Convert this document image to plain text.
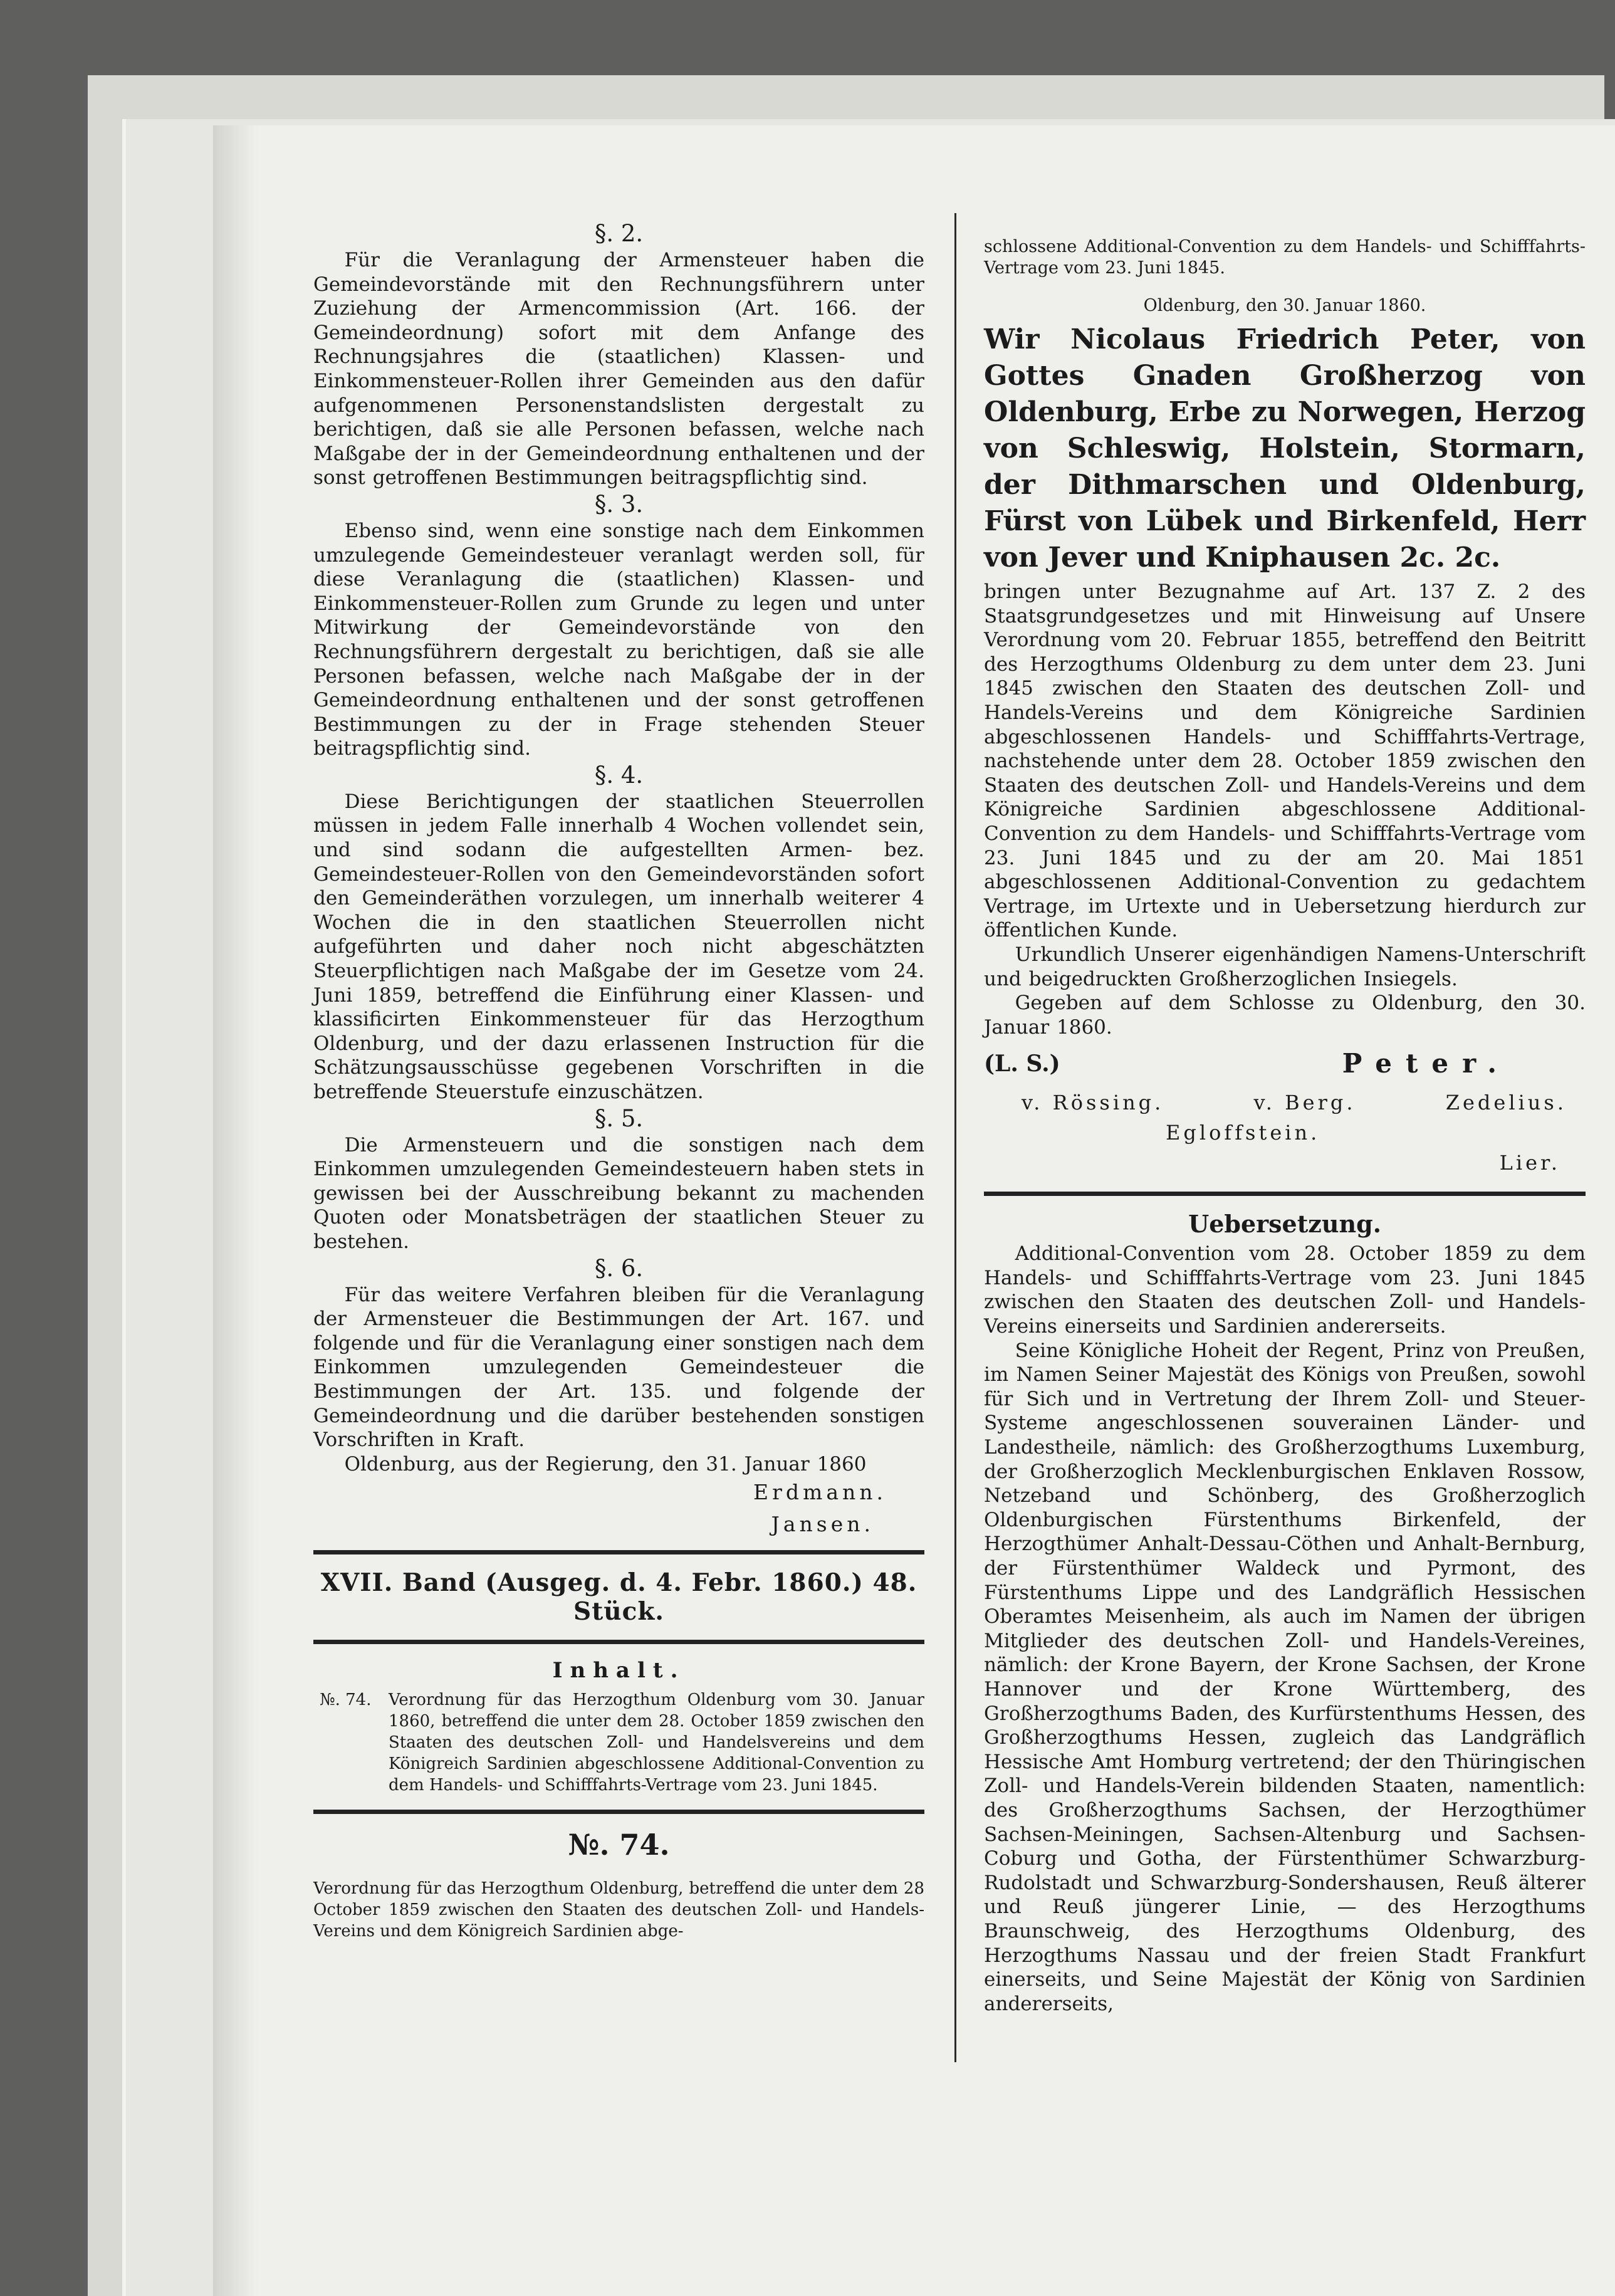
§. 2.

Für die Veranlagung der Armensteuer haben die Gemeindevorstände mit den Rechnungsführern unter Zuziehung der Armencommission (Art. 166. der Gemeindeordnung) sofort mit dem Anfange des Rechnungsjahres die (staatlichen) Klassen- und Einkommensteuer-Rollen ihrer Gemeinden aus den dafür aufgenommenen Personenstandslisten dergestalt zu berichtigen, daß sie alle Personen befassen, welche nach Maßgabe der in der Gemeindeordnung enthaltenen und der sonst getroffenen Bestimmungen beitragspflichtig sind.

§. 3.

Ebenso sind, wenn eine sonstige nach dem Einkommen umzulegende Gemeindesteuer veranlagt werden soll, für diese Veranlagung die (staatlichen) Klassen- und Einkommensteuer-Rollen zum Grunde zu legen und unter Mitwirkung der Gemeindevorstände von den Rechnungsführern dergestalt zu berichtigen, daß sie alle Personen befassen, welche nach Maßgabe der in der Gemeindeordnung enthaltenen und der sonst getroffenen Bestimmungen zu der in Frage stehenden Steuer beitragspflichtig sind.

§. 4.

Diese Berichtigungen der staatlichen Steuerrollen müssen in jedem Falle innerhalb 4 Wochen vollendet sein, und sind sodann die aufgestellten Armen- bez. Gemeindesteuer-Rollen von den Gemeindevorständen sofort den Gemeinderäthen vorzulegen, um innerhalb weiterer 4 Wochen die in den staatlichen Steuerrollen nicht aufgeführten und daher noch nicht abgeschätzten Steuerpflichtigen nach Maßgabe der im Gesetze vom 24. Juni 1859, betreffend die Einführung einer Klassen- und klassificirten Einkommensteuer für das Herzogthum Oldenburg, und der dazu erlassenen Instruction für die Schätzungsausschüsse gegebenen Vorschriften in die betreffende Steuerstufe einzuschätzen.

§. 5.

Die Armensteuern und die sonstigen nach dem Einkommen umzulegenden Gemeindesteuern haben stets in gewissen bei der Ausschreibung bekannt zu machenden Quoten oder Monatsbeträgen der staatlichen Steuer zu bestehen.

§. 6.

Für das weitere Verfahren bleiben für die Veranlagung der Armensteuer die Bestimmungen der Art. 167. und folgende und für die Veranlagung einer sonstigen nach dem Einkommen umzulegenden Gemeindesteuer die Bestimmungen der Art. 135. und folgende der Gemeindeordnung und die darüber bestehenden sonstigen Vorschriften in Kraft.

Oldenburg, aus der Regierung, den 31. Januar 1860

Erdmann.

Jansen.

XVII. Band (Ausgeg. d. 4. Febr. 1860.) 48. Stück.

Inhalt.

№. 74.	Verordnung für das Herzogthum Oldenburg vom 30. Januar 1860, betreffend die unter dem 28. October 1859 zwischen den Staaten des deutschen Zoll- und Handelsvereins und dem Königreich Sardinien abgeschlossene Additional-Convention zu dem Handels- und Schifffahrts-Vertrage vom 23. Juni 1845.

№. 74.

Verordnung für das Herzogthum Oldenburg, betreffend die unter dem 28 October 1859 zwischen den Staaten des deutschen Zoll- und Handels-Vereins und dem Königreich Sardinien abge-

schlossene Additional-Convention zu dem Handels- und Schifffahrts-Vertrage vom 23. Juni 1845.

Oldenburg, den 30. Januar 1860.

Wir Nicolaus Friedrich Peter, von Gottes Gnaden Großherzog von Oldenburg, Erbe zu Norwegen, Herzog von Schleswig, Holstein, Stormarn, der Dithmarschen und Oldenburg, Fürst von Lübek und Birkenfeld, Herr von Jever und Kniphausen 2c. 2c.

bringen unter Bezugnahme auf Art. 137 Z. 2 des Staatsgrundgesetzes und mit Hinweisung auf Unsere Verordnung vom 20. Februar 1855, betreffend den Beitritt des Herzogthums Oldenburg zu dem unter dem 23. Juni 1845 zwischen den Staaten des deutschen Zoll- und Handels-Vereins und dem Königreiche Sardinien abgeschlossenen Handels- und Schifffahrts-Vertrage, nachstehende unter dem 28. October 1859 zwischen den Staaten des deutschen Zoll- und Handels-Vereins und dem Königreiche Sardinien abgeschlossene Additional-Convention zu dem Handels- und Schifffahrts-Vertrage vom 23. Juni 1845 und zu der am 20. Mai 1851 abgeschlossenen Additional-Convention zu gedachtem Vertrage, im Urtexte und in Uebersetzung hierdurch zur öffentlichen Kunde.

Urkundlich Unserer eigenhändigen Namens-Unterschrift und beigedruckten Großherzoglichen Insiegels.

Gegeben auf dem Schlosse zu Oldenburg, den 30. Januar 1860.

(L. S.)	Peter.
v. Rössing.	v. Berg.	Zedelius.
Egloffstein.
Lier.

Uebersetzung.

Additional-Convention vom 28. October 1859 zu dem Handels- und Schifffahrts-Vertrage vom 23. Juni 1845 zwischen den Staaten des deutschen Zoll- und Handels-Vereins einerseits und Sardinien andererseits.

Seine Königliche Hoheit der Regent, Prinz von Preußen, im Namen Seiner Majestät des Königs von Preußen, sowohl für Sich und in Vertretung der Ihrem Zoll- und Steuer-Systeme angeschlossenen souverainen Länder- und Landestheile, nämlich: des Großherzogthums Luxemburg, der Großherzoglich Mecklenburgischen Enklaven Rossow, Netzeband und Schönberg, des Großherzoglich Oldenburgischen Fürstenthums Birkenfeld, der Herzogthümer Anhalt-Dessau-Cöthen und Anhalt-Bernburg, der Fürstenthümer Waldeck und Pyrmont, des Fürstenthums Lippe und des Landgräflich Hessischen Oberamtes Meisenheim, als auch im Namen der übrigen Mitglieder des deutschen Zoll- und Handels-Vereines, nämlich: der Krone Bayern, der Krone Sachsen, der Krone Hannover und der Krone Württemberg, des Großherzogthums Baden, des Kurfürstenthums Hessen, des Großherzogthums Hessen, zugleich das Landgräflich Hessische Amt Homburg vertretend; der den Thüringischen Zoll- und Handels-Verein bildenden Staaten, namentlich: des Großherzogthums Sachsen, der Herzogthümer Sachsen-Meiningen, Sachsen-Altenburg und Sachsen-Coburg und Gotha, der Fürstenthümer Schwarzburg-Rudolstadt und Schwarzburg-Sondershausen, Reuß älterer und Reuß jüngerer Linie, — des Herzogthums Braunschweig, des Herzogthums Oldenburg, des Herzogthums Nassau und der freien Stadt Frankfurt einerseits, und Seine Majestät der König von Sardinien andererseits,
